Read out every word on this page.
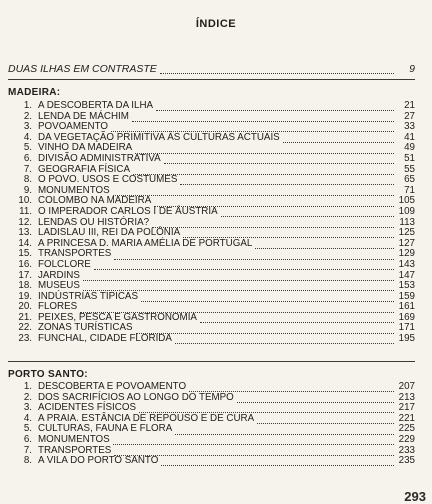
ÍNDICE
DUAS ILHAS EM CONTRASTE	9
MADEIRA:
1. A DESCOBERTA DA ILHA	21
2. LENDA DE MÁCHIM	27
3. POVOAMENTO	33
4. DA VEGETAÇÃO PRIMITIVA ÀS CULTURAS ACTUAIS	41
5. VINHO DA MADEIRA	49
6. DIVISÃO ADMINISTRATIVA	51
7. GEOGRAFIA FÍSICA	55
8. O POVO. USOS E COSTUMES	65
9. MONUMENTOS	71
10. COLOMBO NA MADEIRA	105
11. O IMPERADOR CARLOS I DE ÁUSTRIA	109
12. LENDAS OU HISTÓRIA?	113
13. LADISLAU III, REI DA POLÓNIA	125
14. A PRINCESA D. MARIA AMÉLIA DE PORTUGAL	127
15. TRANSPORTES	129
16. FOLCLORE	143
17. JARDINS	147
18. MUSEUS	153
19. INDÚSTRIAS TÍPICAS	159
20. FLORES	161
21. PEIXES, PESCA E GASTRONOMIA	169
22. ZONAS TURÍSTICAS	171
23. FUNCHAL, CIDADE FLORIDA	195
PORTO SANTO:
1. DESCOBERTA E POVOAMENTO	207
2. DOS SACRIFÍCIOS AO LONGO DO TEMPO	213
3. ACIDENTES FÍSICOS	217
4. A PRAIA. ESTÂNCIA DE REPOUSO E DE CURA	221
5. CULTURAS, FAUNA E FLORA	225
6. MONUMENTOS	229
7. TRANSPORTES	233
8. A VILA DO PORTO SANTO	235
293
